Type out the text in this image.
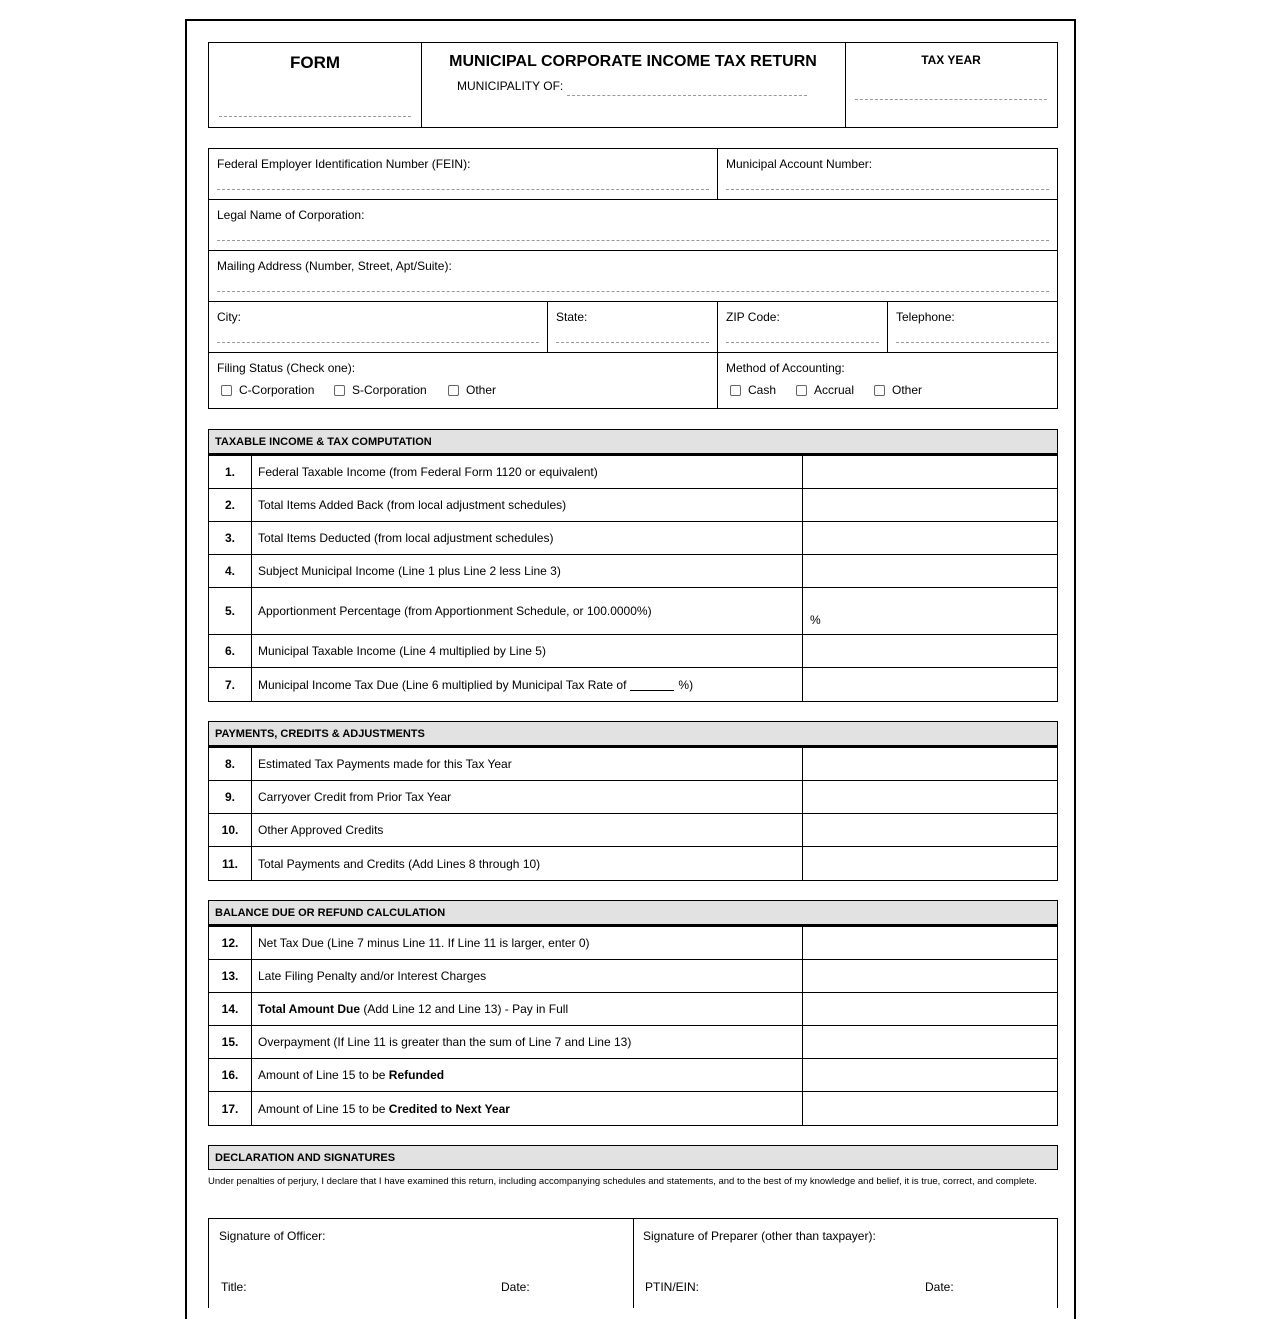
FORM	MUNICIPAL CORPORATE INCOME TAX RETURN
MUNICIPALITY OF:
TAX YEAR
Federal Employer Identification Number (FEIN):	Municipal Account Number:
Legal Name of Corporation:
Mailing Address (Number, Street, Apt/Suite):
City:	State:	ZIP Code:	Telephone:
Filing Status (Check one):
C-Corporation	S-Corporation	Other
Method of Accounting:
Cash	Accrual	Other
TAXABLE INCOME & TAX COMPUTATION
1.	Federal Taxable Income (from Federal Form 1120 or equivalent)
2.	Total Items Added Back (from local adjustment schedules)
3.	Total Items Deducted (from local adjustment schedules)
4.	Subject Municipal Income (Line 1 plus Line 2 less Line 3)
5.	Apportionment Percentage (from Apportionment Schedule, or 100.0000%)
%
6.	Municipal Taxable Income (Line 4 multiplied by Line 5)
7.	Municipal Income Tax Due (Line 6 multiplied by Municipal Tax Rate of	%)
PAYMENTS, CREDITS & ADJUSTMENTS
8.	Estimated Tax Payments made for this Tax Year
9.	Carryover Credit from Prior Tax Year
10.	Other Approved Credits
11.	Total Payments and Credits (Add Lines 8 through 10)
BALANCE DUE OR REFUND CALCULATION
12.	Net Tax Due (Line 7 minus Line 11. If Line 11 is larger, enter 0)
13.	Late Filing Penalty and/or Interest Charges
14.	Total Amount Due
(Add Line 12 and Line 13) - Pay in Full
15.	Overpayment (If Line 11 is greater than the sum of Line 7 and Line 13)
16.	Amount of Line 15 to be
Refunded
17.	Amount of Line 15 to be
Credited to Next Year
DECLARATION AND SIGNATURES
Under penalties of perjury, I declare that I have examined this return, including accompanying schedules and statements, and to the best of my knowledge and belief, it is true, correct, and complete.
Signature of Officer:
Title:	Date:
Signature of Preparer (other than taxpayer):
PTIN/EIN:	Date:
